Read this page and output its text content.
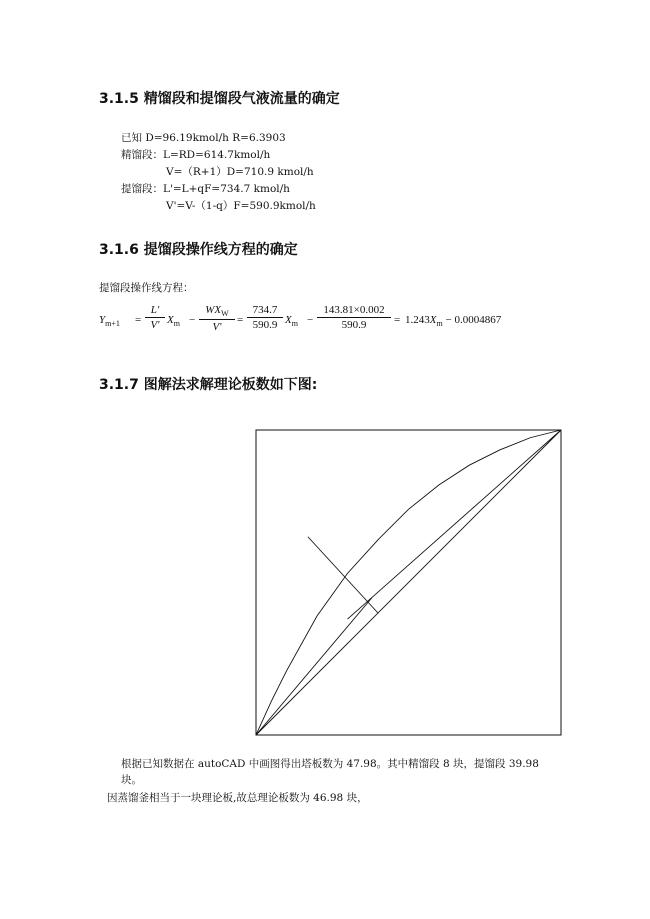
3.1.5 精馏段和提馏段气液流量的确定
已知 D=96.19kmol/h R=6.3903
精馏段：L=RD=614.7kmol/h
V=（R+1）D=710.9 kmol/h
提馏段：L'=L+qF=734.7 kmol/h
V'=V-（1-q）F=590.9kmol/h
3.1.6 提馏段操作线方程的确定
提馏段操作线方程：
$Y_{m+1}$ =
L'
V' $X_m$ −
$WX_W$
V'
=
734.7
590.9 $X_m$ −
143.81×0.002
590.9	= $1.243X_m - 0.0004867$
3.1.7 图解法求解理论板数如下图:
根据已知数据在 autoCAD 中画图得出塔板数为 47.98。其中精馏段 8 块，提馏段 39.98
块。
因蒸馏釜相当于一块理论板,故总理论板数为 46.98 块，
